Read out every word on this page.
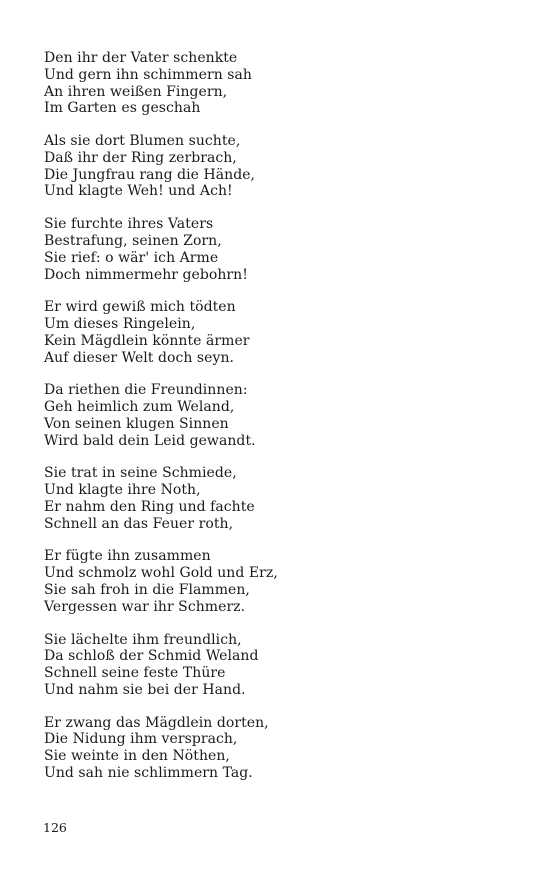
Den ihr der Vater schenkte
Und gern ihn schimmern sah
An ihren weißen Fingern,
Im Garten es geschah
Als sie dort Blumen suchte,
Daß ihr der Ring zerbrach,
Die Jungfrau rang die Hände,
Und klagte Weh! und Ach!
Sie furchte ihres Vaters
Bestrafung, seinen Zorn,
Sie rief: o wär' ich Arme
Doch nimmermehr gebohrn!
Er wird gewiß mich tödten
Um dieses Ringelein,
Kein Mägdlein könnte ärmer
Auf dieser Welt doch seyn.
Da riethen die Freundinnen:
Geh heimlich zum Weland,
Von seinen klugen Sinnen
Wird bald dein Leid gewandt.
Sie trat in seine Schmiede,
Und klagte ihre Noth,
Er nahm den Ring und fachte
Schnell an das Feuer roth,
Er fügte ihn zusammen
Und schmolz wohl Gold und Erz,
Sie sah froh in die Flammen,
Vergessen war ihr Schmerz.
Sie lächelte ihm freundlich,
Da schloß der Schmid Weland
Schnell seine feste Thüre
Und nahm sie bei der Hand.
Er zwang das Mägdlein dorten,
Die Nidung ihm versprach,
Sie weinte in den Nöthen,
Und sah nie schlimmern Tag.
126
